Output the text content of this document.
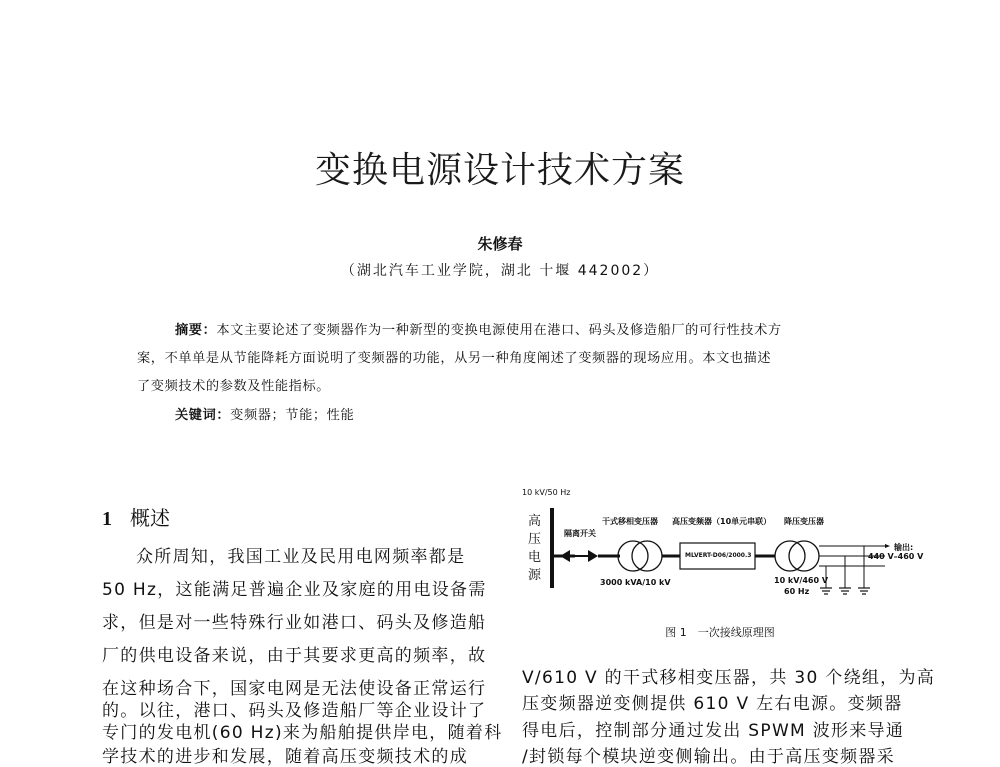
变换电源设计技术方案
朱修春
（湖北汽车工业学院，湖北 十堰 442002）
摘要：本文主要论述了变频器作为一种新型的变换电源使用在港口、码头及修造船厂的可行性技术方
案，不单单是从节能降耗方面说明了变频器的功能，从另一种角度阐述了变频器的现场应用。本文也描述
了变频技术的参数及性能指标。
关键词：变频器；节能；性能
1 概述
众所周知，我国工业及民用电网频率都是
50 Hz，这能满足普遍企业及家庭的用电设备需
求，但是对一些特殊行业如港口、码头及修造船
厂的供电设备来说，由于其要求更高的频率，故
在这种场合下，国家电网是无法使设备正常运行
的。以往，港口、码头及修造船厂等企业设计了
专门的发电机(60 Hz)来为船舶提供岸电，随着科
学技术的进步和发展，随着高压变频技术的成
10 kV/50 Hz
高
压
电
源
隔离开关
干式移相变压器
3000 kVA/10 kV
高压变频器（10单元串联）
MLVERT-D06/2000.3
降压变压器
10 kV/460 V
60 Hz
输出:
440 V–460 V
图 1　一次接线原理图
V/610 V 的干式移相变压器，共 30 个绕组，为高
压变频器逆变侧提供 610 V 左右电源。变频器
得电后，控制部分通过发出 SPWM 波形来导通
/封锁每个模块逆变侧输出。由于高压变频器采
